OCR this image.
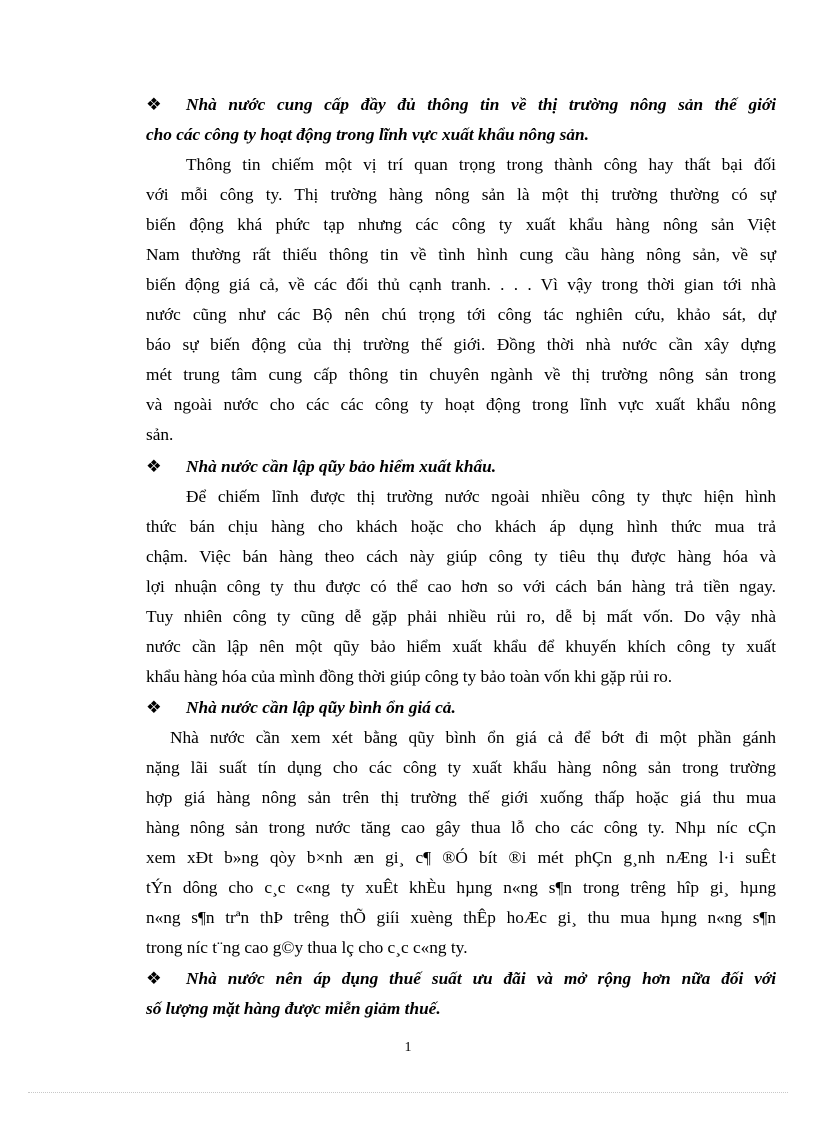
❖ Nhà nước cung cấp đầy đủ thông tin về thị trường nông sản thế giới
cho các công ty hoạt động trong lĩnh vực xuất khẩu nông sản.
Thông tin chiếm một vị trí quan trọng trong thành công hay thất bại đối
với mỗi công ty. Thị trường hàng nông sản là một thị trường thường có sự
biến động khá phức tạp nhưng các công ty xuất khẩu hàng nông sản Việt
Nam thường rất thiếu thông tin về tình hình cung cầu hàng nông sản, về sự
biến động giá cả, về các đối thủ cạnh tranh. . . . Vì vậy trong thời gian tới nhà
nước cũng như các Bộ nên chú trọng tới công tác nghiên cứu, khảo sát, dự
báo sự biến động của thị trường thế giới. Đồng thời nhà nước cần xây dựng
mét trung tâm cung cấp thông tin chuyên ngành về thị trường nông sản trong
và ngoài nước cho các các công ty hoạt động trong lĩnh vực xuất khẩu nông
sản.
❖ Nhà nước cần lập qũy bảo hiểm xuất khẩu.
Để chiếm lĩnh được thị trường nước ngoài nhiều công ty thực hiện hình
thức bán chịu hàng cho khách hoặc cho khách áp dụng hình thức mua trả
chậm. Việc bán hàng theo cách này giúp công ty tiêu thụ được hàng hóa và
lợi nhuận công ty thu được có thể cao hơn so với cách bán hàng trả tiền ngay.
Tuy nhiên công ty cũng dễ gặp phải nhiều rủi ro, dễ bị mất vốn. Do vậy nhà
nước cần lập nên một qũy bảo hiểm xuất khẩu để khuyến khích công ty xuất
khẩu hàng hóa của mình đồng thời giúp công ty bảo toàn vốn khi gặp rủi ro.
❖ Nhà nước cần lập qũy bình ổn giá cả.
Nhà nước cần xem xét bằng qũy bình ổn giá cả để bớt đi một phần gánh
nặng lãi suất tín dụng cho các công ty xuất khẩu hàng nông sản trong trường
hợp giá hàng nông sản trên thị trường thế giới xuống thấp hoặc giá thu mua
hàng nông sản trong nước tăng cao gây thua lỗ cho các công ty. Nhµ níc cÇn
xem xÐt b»ng qòy b×nh æn gi¸ c¶ ®Ó bít ®i mét phÇn g¸nh nÆng l·i suÊt
tÝn dông cho c¸c c«ng ty xuÊt khÈu hµng n«ng s¶n trong trêng hîp gi¸ hµng
n«ng s¶n trªn thÞ trêng thÕ giíi xuèng thÊp hoÆc gi¸ thu mua hµng n«ng s¶n
trong níc t¨ng cao g©y thua lç cho c¸c c«ng ty.
❖ Nhà nước nên áp dụng thuế suất ưu đãi và mở rộng hơn nữa đối với
số lượng mặt hàng được miễn giảm thuế.
1
